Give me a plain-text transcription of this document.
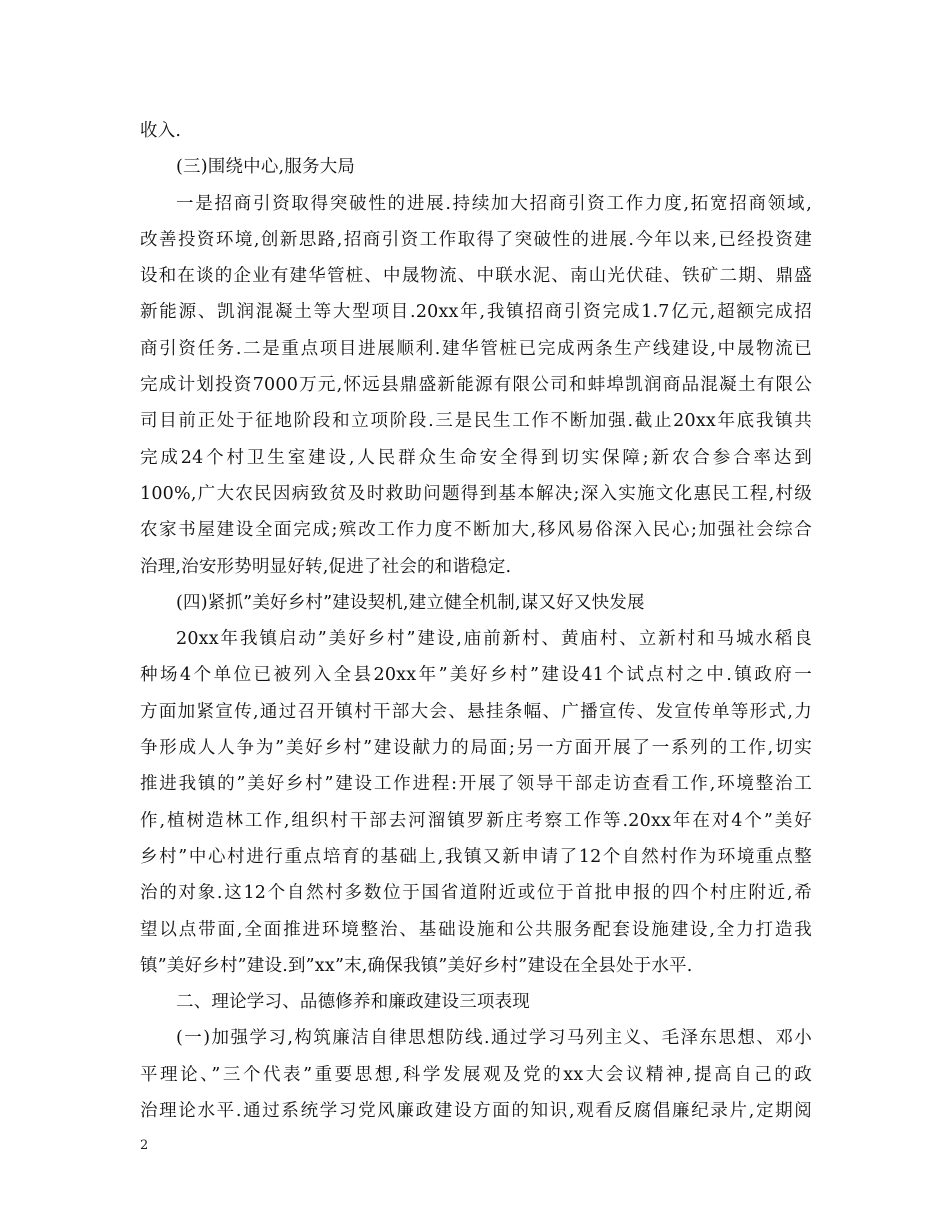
收入.
(三)围绕中心,服务大局
一是招商引资取得突破性的进展.持续加大招商引资工作力度,拓宽招商领域,
改善投资环境,创新思路,招商引资工作取得了突破性的进展.今年以来,已经投资建
设和在谈的企业有建华管桩、中晟物流、中联水泥、南山光伏硅、铁矿二期、鼎盛
新能源、凯润混凝土等大型项目.20xx年,我镇招商引资完成1.7亿元,超额完成招
商引资任务.二是重点项目进展顺利.建华管桩已完成两条生产线建设,中晟物流已
完成计划投资7000万元,怀远县鼎盛新能源有限公司和蚌埠凯润商品混凝土有限公
司目前正处于征地阶段和立项阶段.三是民生工作不断加强.截止20xx年底我镇共
完成24个村卫生室建设,人民群众生命安全得到切实保障;新农合参合率达到
100%,广大农民因病致贫及时救助问题得到基本解决;深入实施文化惠民工程,村级
农家书屋建设全面完成;殡改工作力度不断加大,移风易俗深入民心;加强社会综合
治理,治安形势明显好转,促进了社会的和谐稳定.
(四)紧抓”美好乡村”建设契机,建立健全机制,谋又好又快发展
20xx年我镇启动”美好乡村”建设,庙前新村、黄庙村、立新村和马城水稻良
种场4个单位已被列入全县20xx年”美好乡村”建设41个试点村之中.镇政府一
方面加紧宣传,通过召开镇村干部大会、悬挂条幅、广播宣传、发宣传单等形式,力
争形成人人争为”美好乡村”建设献力的局面;另一方面开展了一系列的工作,切实
推进我镇的”美好乡村”建设工作进程:开展了领导干部走访查看工作,环境整治工
作,植树造林工作,组织村干部去河溜镇罗新庄考察工作等.20xx年在对4个”美好
乡村”中心村进行重点培育的基础上,我镇又新申请了12个自然村作为环境重点整
治的对象.这12个自然村多数位于国省道附近或位于首批申报的四个村庄附近,希
望以点带面,全面推进环境整治、基础设施和公共服务配套设施建设,全力打造我
镇”美好乡村”建设.到”xx”末,确保我镇”美好乡村”建设在全县处于水平.
二、理论学习、品德修养和廉政建设三项表现
(一)加强学习,构筑廉洁自律思想防线.通过学习马列主义、毛泽东思想、邓小
平理论、”三个代表”重要思想,科学发展观及党的xx大会议精神,提高自己的政
治理论水平.通过系统学习党风廉政建设方面的知识,观看反腐倡廉纪录片,定期阅
2
